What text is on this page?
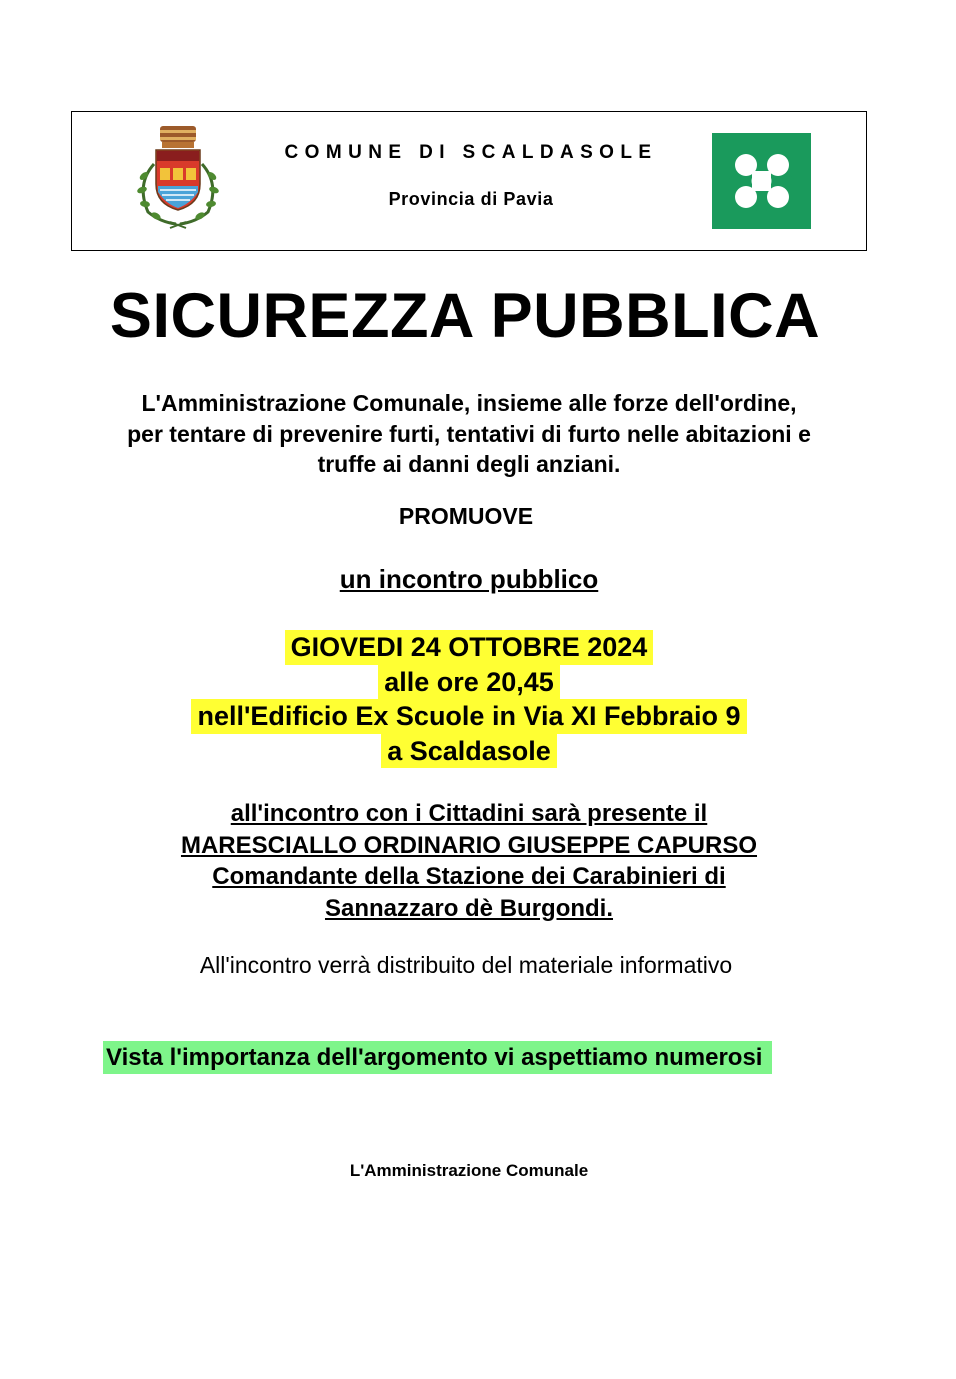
COMUNE DI SCALDASOLE
Provincia di Pavia
SICUREZZA PUBBLICA
L'Amministrazione Comunale, insieme alle forze dell'ordine,
per tentare di prevenire furti, tentativi di furto nelle abitazioni e
truffe ai danni degli anziani.
PROMUOVE
un incontro pubblico
GIOVEDI 24 OTTOBRE 2024
alle ore 20,45
nell'Edificio Ex Scuole in Via XI Febbraio 9
a Scaldasole
all'incontro con i Cittadini sarà presente il
MARESCIALLO ORDINARIO GIUSEPPE CAPURSO
Comandante della Stazione dei Carabinieri di
Sannazzaro dè Burgondi.
All'incontro verrà distribuito del materiale informativo
Vista l'importanza dell'argomento vi aspettiamo numerosi
L'Amministrazione Comunale
